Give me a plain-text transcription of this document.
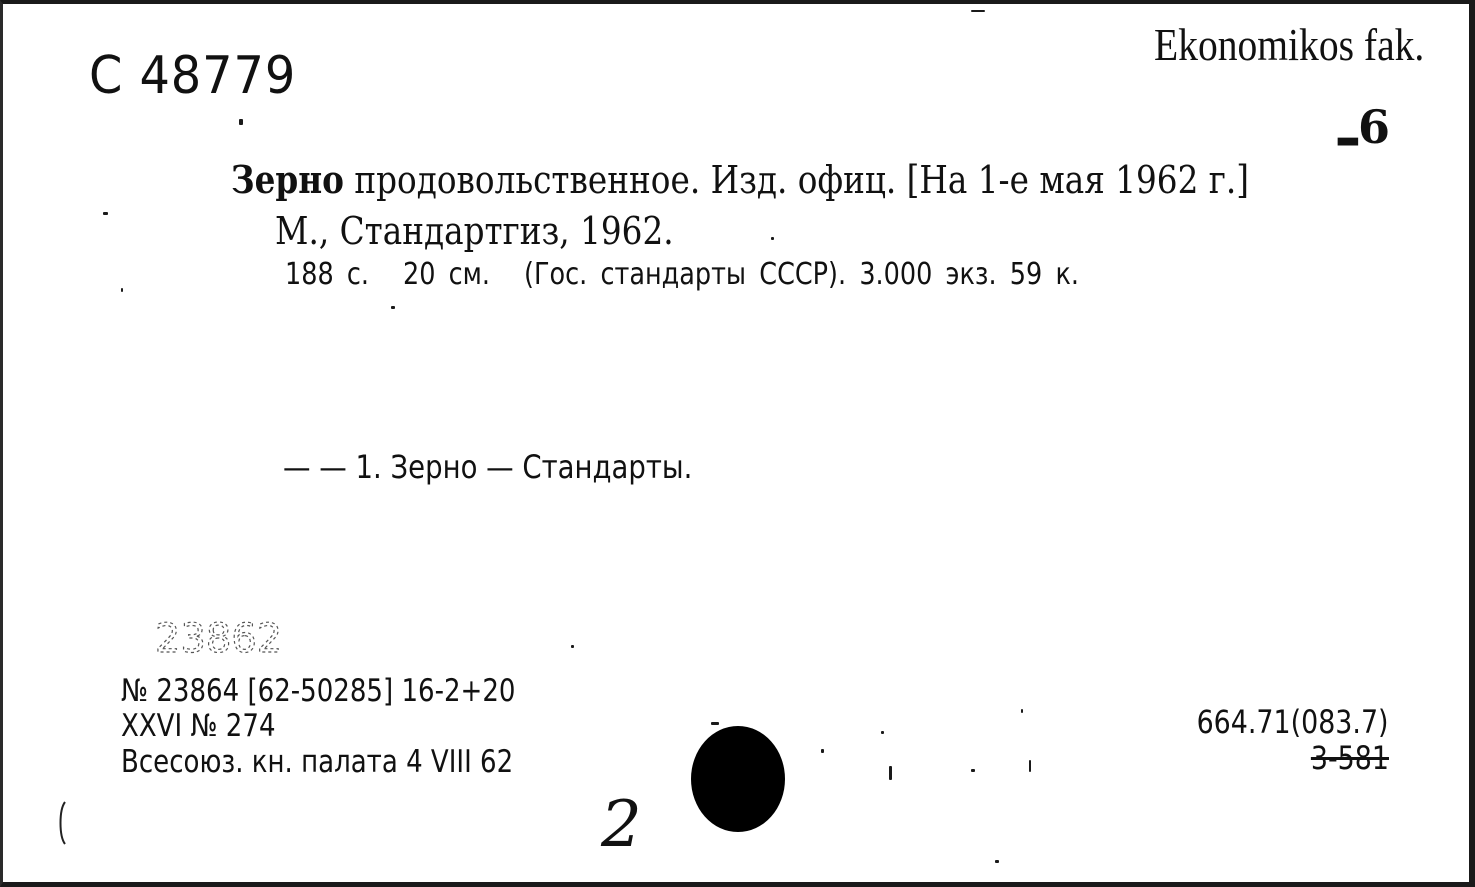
C 48779
Ekonomikos fak.
▂6
Зерно продовольственное. Изд. офиц. [На 1-е мая 1962 г.]
М., Стандартгиз, 1962.
188 с. 20 см. (Гос. стандарты СССР). 3.000 экз. 59 к.
— — 1. Зерно — Стандарты.
23862
№ 23864 [62-50285] 16-2+20
XXVI № 274
Всесоюз. кн. палата 4 VIII 62
664.71(083.7)
3-581
2
